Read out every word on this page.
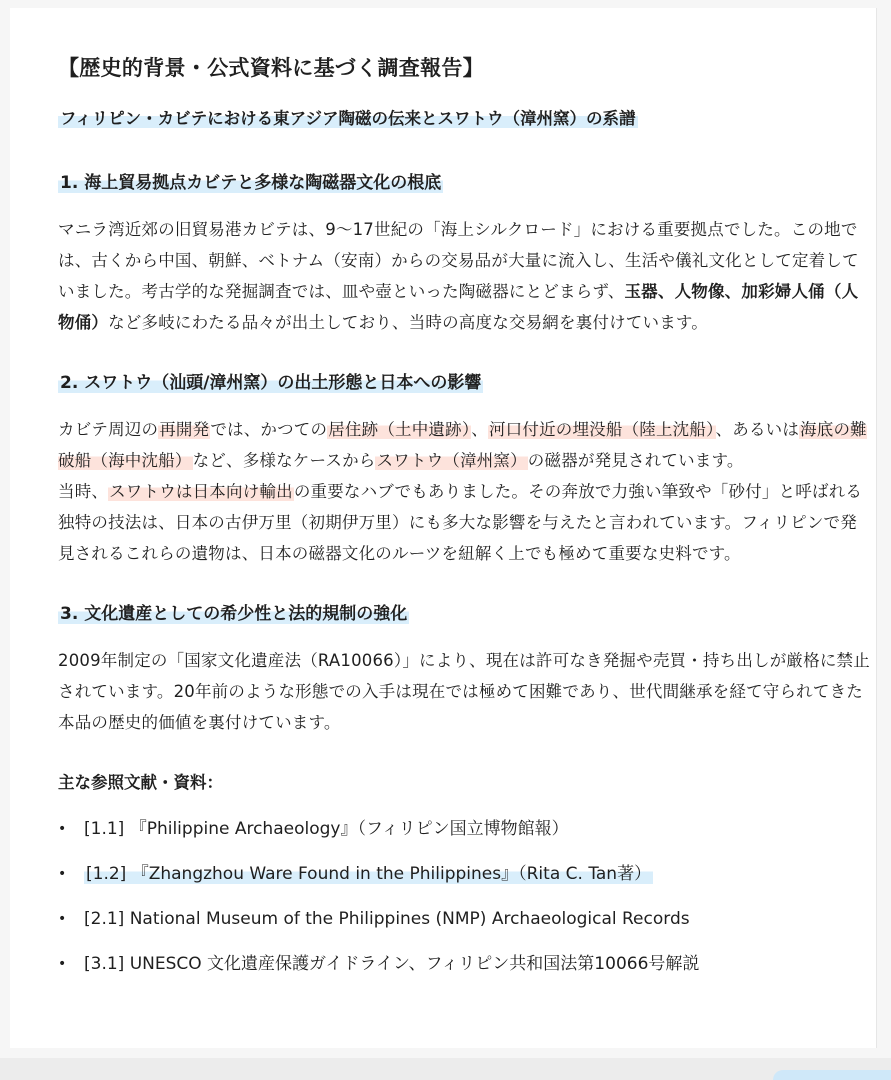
【歴史的背景・公式資料に基づく調査報告】
フィリピン・カビテにおける東アジア陶磁の伝来とスワトウ（漳州窯）の系譜
1. 海上貿易拠点カビテと多様な陶磁器文化の根底

マニラ湾近郊の旧貿易港カビテは、9〜17世紀の「海上シルクロード」における重要拠点でした。この地では、古くから中国、朝鮮、ベトナム（安南）からの交易品が大量に流入し、生活や儀礼文化として定着していました。考古学的な発掘調査では、皿や壺といった陶磁器にとどまらず、玉器、人物像、加彩婦人俑（人物俑）など多岐にわたる品々が出土しており、当時の高度な交易網を裏付けています。

2. スワトウ（汕頭/漳州窯）の出土形態と日本への影響

カビテ周辺の再開発では、かつての居住跡（土中遺跡）、河口付近の埋没船（陸上沈船）、あるいは海底の難破船（海中沈船）など、多様なケースからスワトウ（漳州窯）の磁器が発見されています。

当時、スワトウは日本向け輸出の重要なハブでもありました。その奔放で力強い筆致や「砂付」と呼ばれる独特の技法は、日本の古伊万里（初期伊万里）にも多大な影響を与えたと言われています。フィリピンで発見されるこれらの遺物は、日本の磁器文化のルーツを紐解く上でも極めて重要な史料です。

3. 文化遺産としての希少性と法的規制の強化

2009年制定の「国家文化遺産法（RA10066）」により、現在は許可なき発掘や売買・持ち出しが厳格に禁止されています。20年前のような形態での入手は現在では極めて困難であり、世代間継承を経て守られてきた本品の歴史的価値を裏付けています。

主な参照文献・資料：
• [1.1] 『Philippine Archaeology』（フィリピン国立博物館報）
• [1.2] 『Zhangzhou Ware Found in the Philippines』（Rita C. Tan著）
• [2.1] National Museum of the Philippines (NMP) Archaeological Records
• [3.1] UNESCO 文化遺産保護ガイドライン、フィリピン共和国法第10066号解説
